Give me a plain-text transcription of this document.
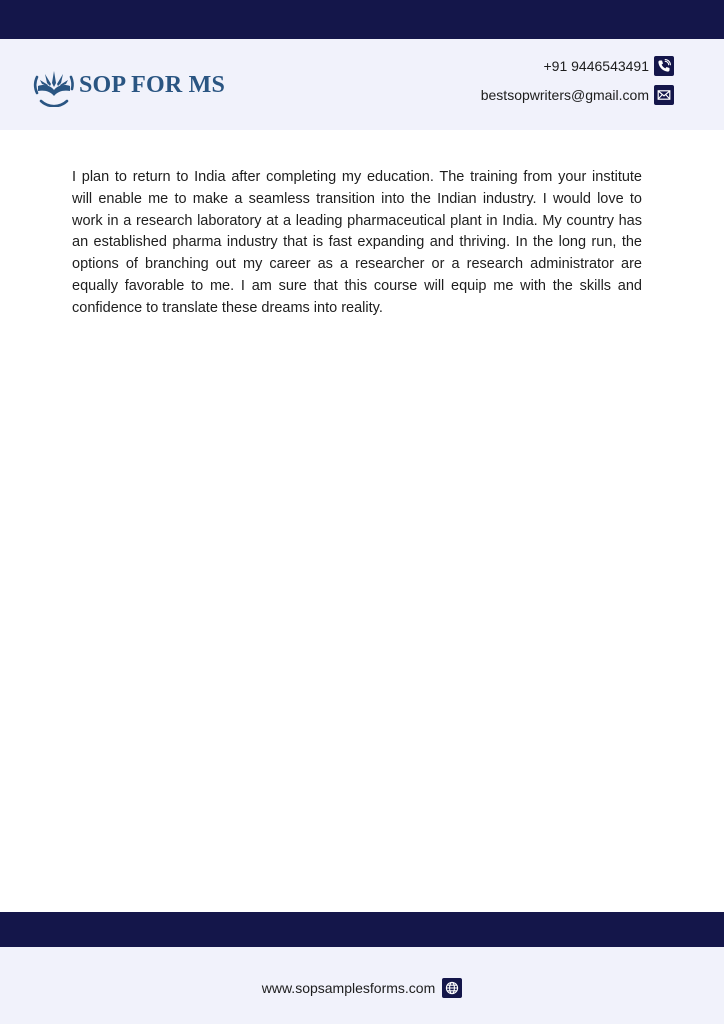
SOP FOR MS
+91 9446543491
bestsopwriters@gmail.com

I plan to return to India after completing my education. The training from your institute will enable me to make a seamless transition into the Indian industry. I would love to work in a research laboratory at a leading pharmaceutical plant in India. My country has an established pharma industry that is fast expanding and thriving. In the long run, the options of branching out my career as a researcher or a research administrator are equally favorable to me. I am sure that this course will equip me with the skills and confidence to translate these dreams into reality.

www.sopsamplesforms.com
